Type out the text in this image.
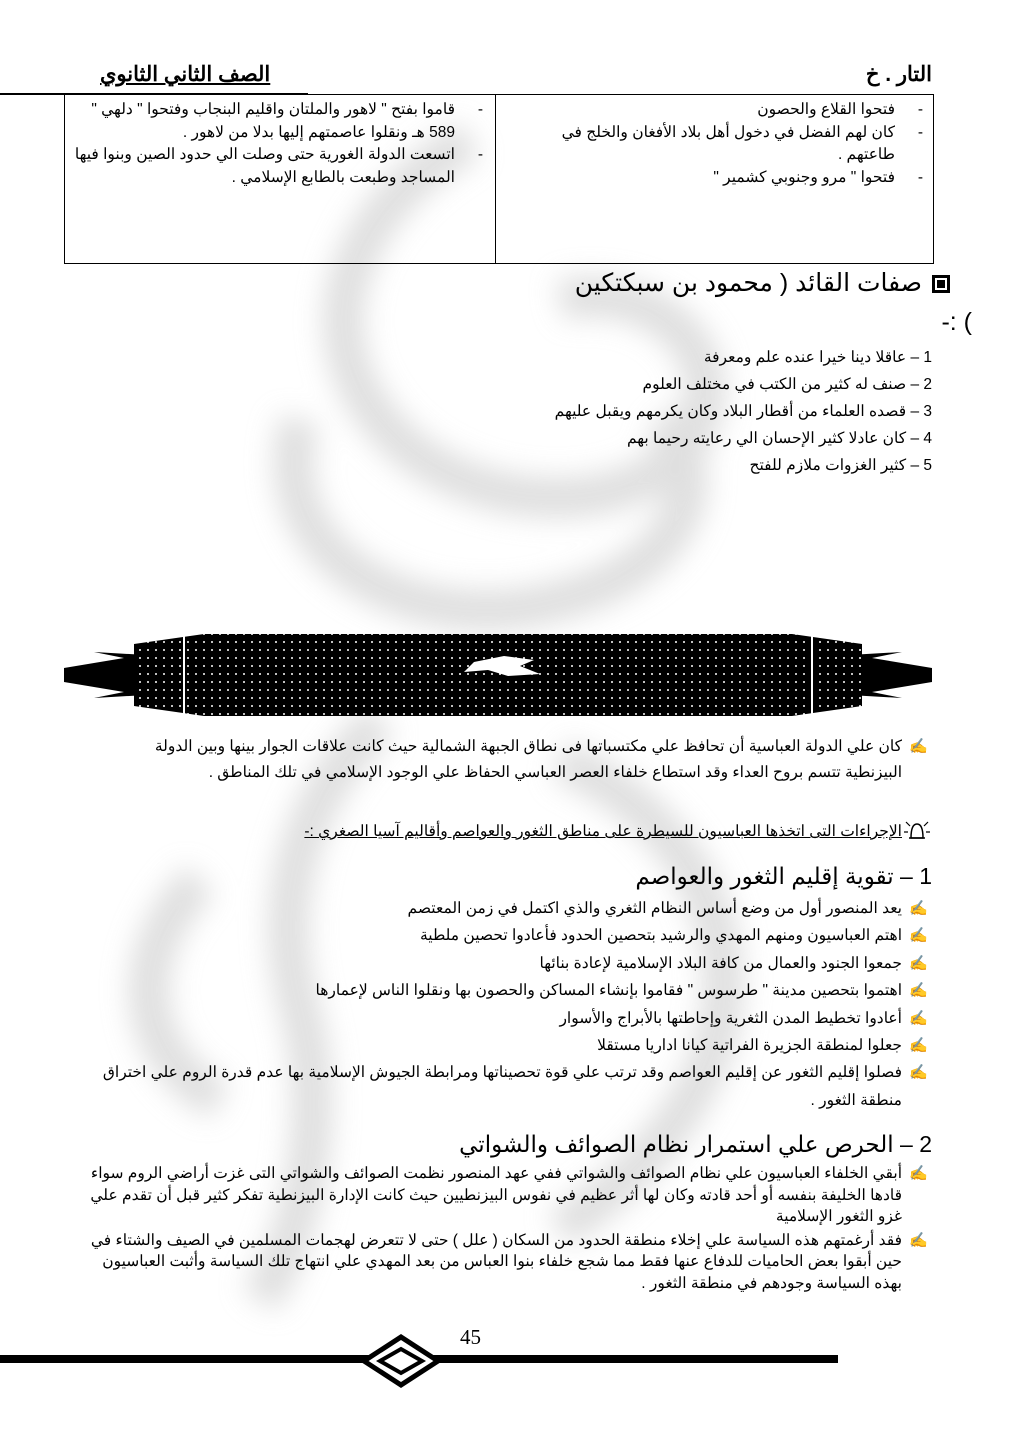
الصف الثاني الثانوي	التار . خ
-
فتحوا القلاع والحصون
-
كان لهم الفضل في دخول أهل بلاد الأفغان والخلج في طاعتهم .
-
فتحوا " مرو وجنوبي كشمير "
-
قاموا بفتح " لاهور والملتان واقليم البنجاب وفتحوا " دلهي " 589 هـ ونقلوا عاصمتهم إليها بدلا من لاهور .
-
اتسعت الدولة الغورية حتى وصلت الي حدود الصين وبنوا فيها المساجد وطبعت بالطابع الإسلامي .
صفات القائد ( محمود بن سبكتكين
) :-
1 – عاقلا دينا خيرا عنده علم ومعرفة
2 – صنف له كثير من الكتب في مختلف العلوم
3 – قصده العلماء من أقطار البلاد وكان يكرمهم ويقبل عليهم
4 – كان عادلا كثير الإحسان الي رعايته رحيما بهم
5 – كثير الغزوات ملازم للفتح
✍
كان علي الدولة العباسية أن تحافظ علي مكتسباتها فى نطاق الجبهة الشمالية حيث كانت علاقات الجوار بينها وبين الدولة البيزنطية تتسم بروح العداء وقد استطاع خلفاء العصر العباسي الحفاظ علي الوجود الإسلامي في تلك المناطق .
الإجراءات التى اتخذها العباسيون للسيطرة على مناطق الثغور والعواصم وأقاليم آسيا الصغري :-
1 – تقوية إقليم الثغور والعواصم
✍
يعد المنصور أول من وضع أساس النظام الثغري والذي اكتمل في زمن المعتصم
✍
اهتم العباسيون ومنهم المهدي والرشيد بتحصين الحدود فأعادوا تحصين ملطية
✍
جمعوا الجنود والعمال من كافة البلاد الإسلامية لإعادة بنائها
✍
اهتموا بتحصين مدينة " طرسوس " فقاموا بإنشاء المساكن والحصون بها ونقلوا الناس لإعمارها
✍
أعادوا تخطيط المدن الثغرية وإحاطتها بالأبراج والأسوار
✍
جعلوا لمنطقة الجزيرة الفراتية كيانا اداريا مستقلا
✍
فصلوا إقليم الثغور عن إقليم العواصم وقد ترتب علي قوة تحصيناتها ومرابطة الجيوش الإسلامية بها عدم قدرة الروم علي اختراق منطقة الثغور .
2 – الحرص علي استمرار نظام الصوائف والشواتي
✍
أبقي الخلفاء العباسيون علي نظام الصوائف والشواتي ففي عهد المنصور نظمت الصوائف والشواتي التى غزت أراضي الروم سواء قادها الخليفة بنفسه أو أحد قادته وكان لها أثر عظيم في نفوس البيزنطيين حيث كانت الإدارة البيزنطية تفكر كثير قبل أن تقدم علي غزو الثغور الإسلامية
✍
فقد أرغمتهم هذه السياسة علي إخلاء منطقة الحدود من السكان ( علل ) حتى لا تتعرض لهجمات المسلمين في الصيف والشتاء في حين أبقوا بعض الحاميات للدفاع عنها فقط مما شجع خلفاء بنوا العباس من بعد المهدي علي انتهاج تلك السياسة وأثبت العباسيون بهذه السياسة وجودهم في منطقة الثغور .
45
